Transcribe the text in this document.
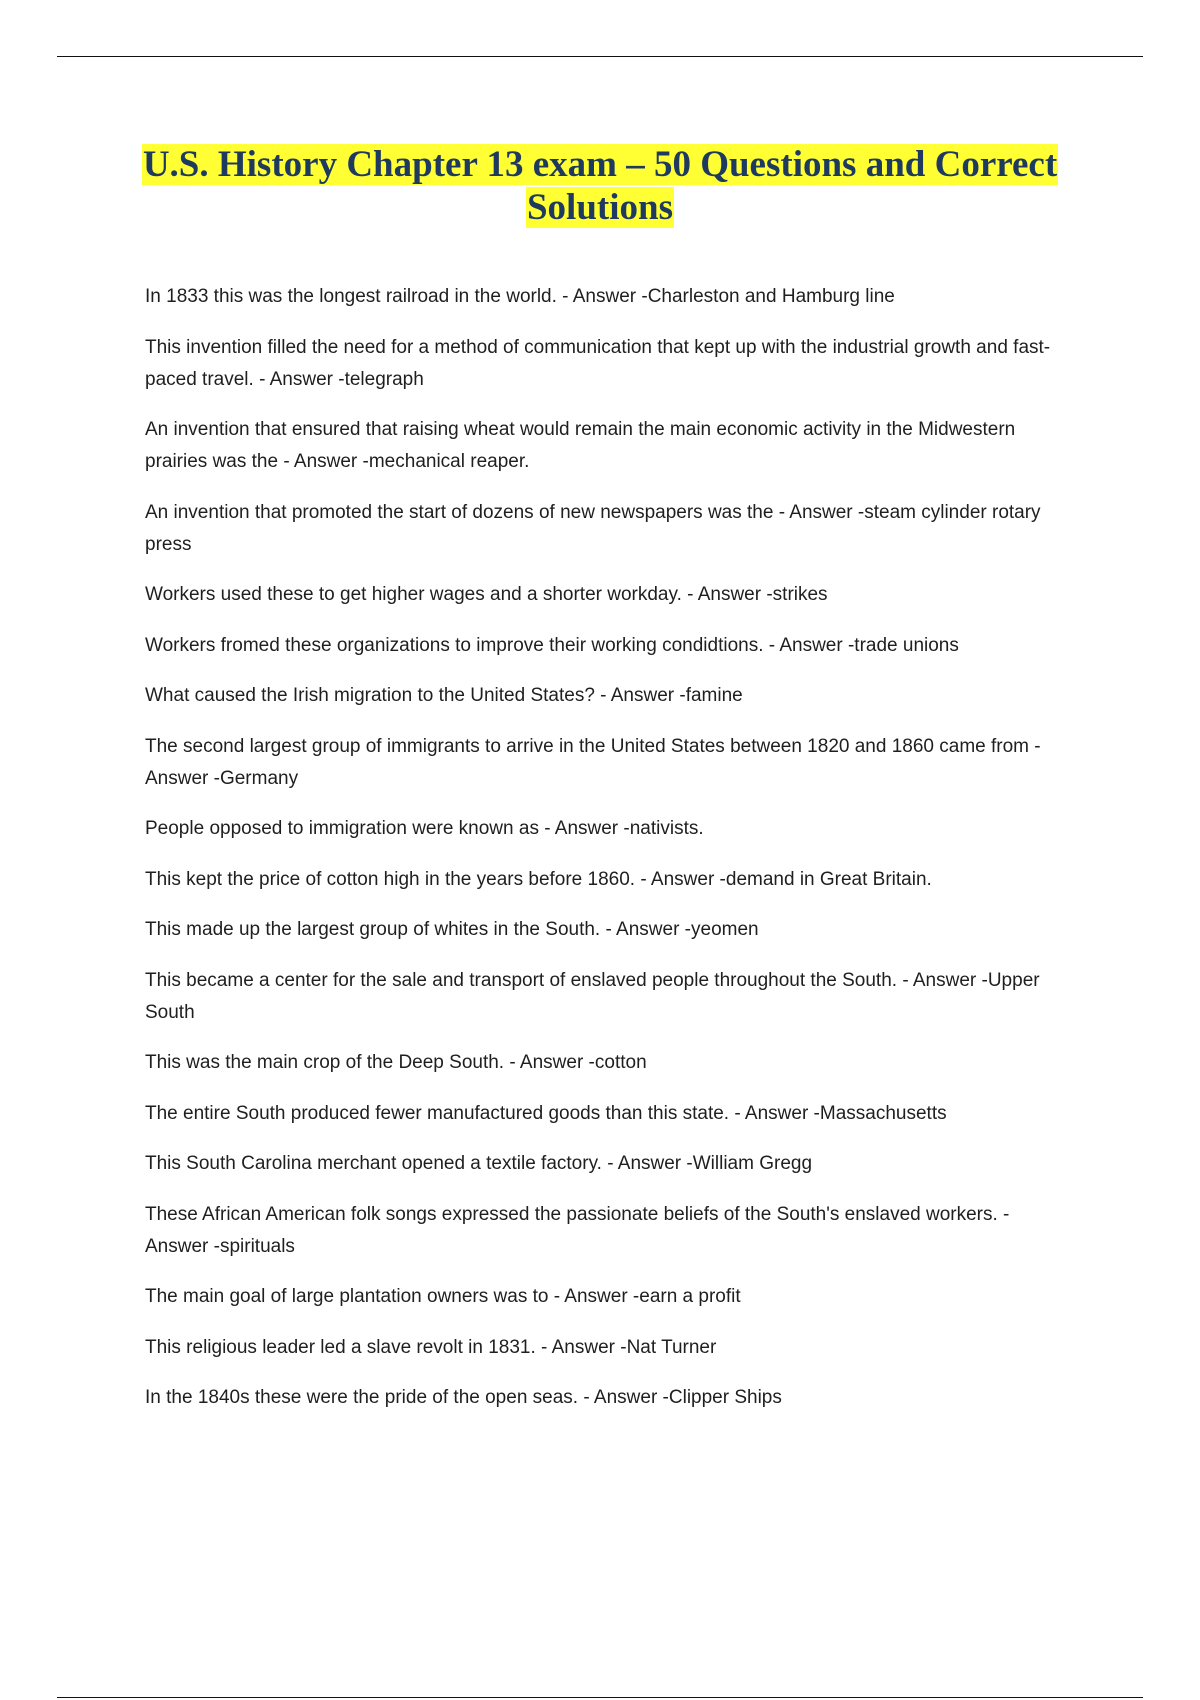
U.S. History Chapter 13 exam – 50 Questions and Correct
Solutions
In 1833 this was the longest railroad in the world. - Answer -Charleston and Hamburg line
This invention filled the need for a method of communication that kept up with the industrial growth and fast-paced travel. - Answer -telegraph
An invention that ensured that raising wheat would remain the main economic activity in the Midwestern prairies was the - Answer -mechanical reaper.
An invention that promoted the start of dozens of new newspapers was the - Answer -steam cylinder rotary press
Workers used these to get higher wages and a shorter workday. - Answer -strikes
Workers fromed these organizations to improve their working condidtions. - Answer -trade unions
What caused the Irish migration to the United States? - Answer -famine
The second largest group of immigrants to arrive in the United States between 1820 and 1860 came from - Answer -Germany
People opposed to immigration were known as - Answer -nativists.
This kept the price of cotton high in the years before 1860. - Answer -demand in Great Britain.
This made up the largest group of whites in the South. - Answer -yeomen
This became a center for the sale and transport of enslaved people throughout the South. - Answer -Upper South
This was the main crop of the Deep South. - Answer -cotton
The entire South produced fewer manufactured goods than this state. - Answer -Massachusetts
This South Carolina merchant opened a textile factory. - Answer -William Gregg
These African American folk songs expressed the passionate beliefs of the South's enslaved workers. - Answer -spirituals
The main goal of large plantation owners was to - Answer -earn a profit
This religious leader led a slave revolt in 1831. - Answer -Nat Turner
In the 1840s these were the pride of the open seas. - Answer -Clipper Ships
